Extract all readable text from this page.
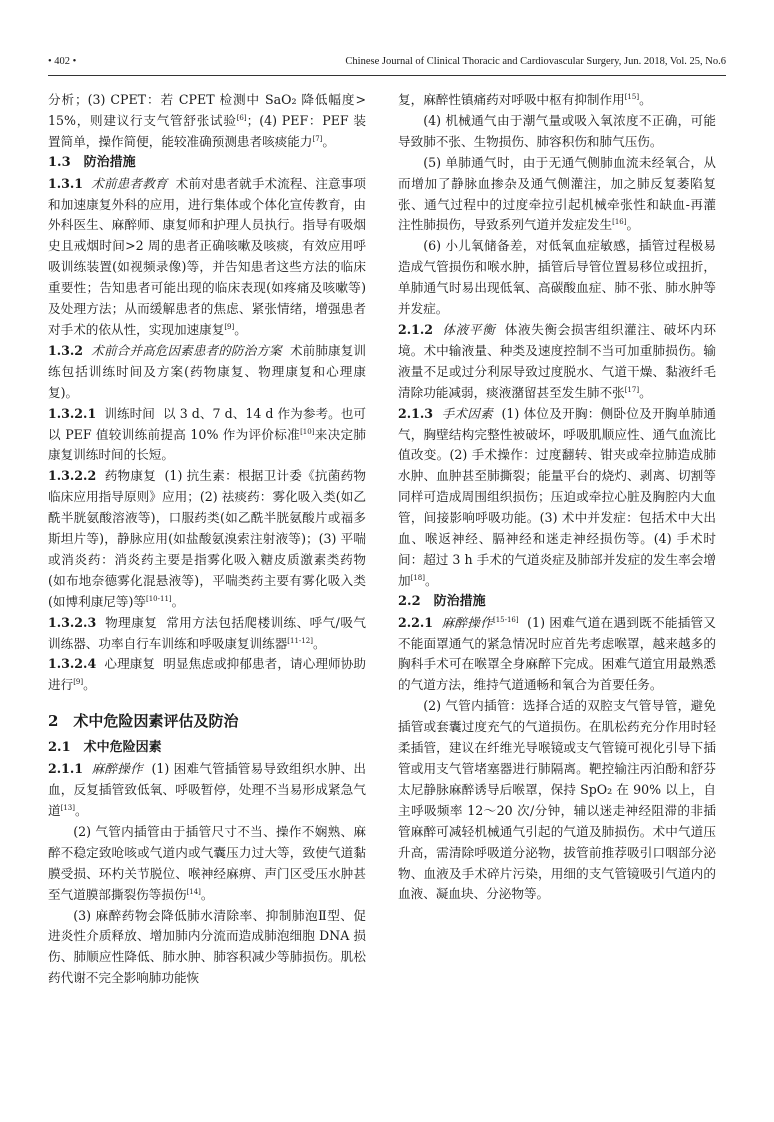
• 402 •	Chinese Journal of Clinical Thoracic and Cardiovascular Surgery, Jun. 2018, Vol. 25, No.6

分析；(3) CPET：若 CPET 检测中 SaO₂ 降低幅度> 15%，则建议行支气管舒张试验[6]；(4) PEF：PEF 装置简单，操作简便，能较准确预测患者咳痰能力[7]。

1.3　防治措施

1.3.1 术前患者教育 术前对患者就手术流程、注意事项和加速康复外科的应用，进行集体或个体化宣传教育，由外科医生、麻醉师、康复师和护理人员执行。指导有吸烟史且戒烟时间>2 周的患者正确咳嗽及咳痰，有效应用呼吸训练装置(如视频录像)等，并告知患者这些方法的临床重要性；告知患者可能出现的临床表现(如疼痛及咳嗽等)及处理方法；从而缓解患者的焦虑、紧张情绪，增强患者对手术的依从性，实现加速康复[9]。

1.3.2 术前合并高危因素患者的防治方案 术前肺康复训练包括训练时间及方案(药物康复、物理康复和心理康复)。

1.3.2.1 训练时间 以 3 d、7 d、14 d 作为参考。也可以 PEF 值较训练前提高 10% 作为评价标准[10]来决定肺康复训练时间的长短。

1.3.2.2 药物康复 (1) 抗生素：根据卫计委《抗菌药物临床应用指导原则》应用；(2) 祛痰药：雾化吸入类(如乙酰半胱氨酸溶液等)，口服药类(如乙酰半胱氨酸片或福多斯坦片等)，静脉应用(如盐酸氨溴索注射液等)；(3) 平喘或消炎药：消炎药主要是指雾化吸入糖皮质激素类药物(如布地奈德雾化混悬液等)，平喘类药主要有雾化吸入类(如博利康尼等)等[10-11]。

1.3.2.3 物理康复 常用方法包括爬楼训练、呼气/吸气训练器、功率自行车训练和呼吸康复训练器[11-12]。

1.3.2.4 心理康复 明显焦虑或抑郁患者，请心理师协助进行[9]。

2　术中危险因素评估及防治

2.1　术中危险因素

2.1.1 麻醉操作 (1) 困难气管插管易导致组织水肿、出血，反复插管致低氧、呼吸暂停，处理不当易形成紧急气道[13]。

(2) 气管内插管由于插管尺寸不当、操作不娴熟、麻醉不稳定致呛咳或气道内或气囊压力过大等，致使气道黏膜受损、环杓关节脱位、喉神经麻痹、声门区受压水肿甚至气道膜部撕裂伤等损伤[14]。

(3) 麻醉药物会降低肺水清除率、抑制肺泡Ⅱ型、促进炎性介质释放、增加肺内分流而造成肺泡细胞 DNA 损伤、肺顺应性降低、肺水肿、肺容积减少等肺损伤。肌松药代谢不完全影响肺功能恢

复，麻醉性镇痛药对呼吸中枢有抑制作用[15]。

(4) 机械通气由于潮气量或吸入氧浓度不正确，可能导致肺不张、生物损伤、肺容积伤和肺气压伤。

(5) 单肺通气时，由于无通气侧肺血流未经氧合，从而增加了静脉血掺杂及通气侧灌注，加之肺反复萎陷复张、通气过程中的过度牵拉引起机械牵张性和缺血-再灌注性肺损伤，导致系列气道并发症发生[16]。

(6) 小儿氧储备差，对低氧血症敏感，插管过程极易造成气管损伤和喉水肿，插管后导管位置易移位或扭折，单肺通气时易出现低氧、高碳酸血症、肺不张、肺水肿等并发症。

2.1.2 体液平衡 体液失衡会损害组织灌注、破坏内环境。术中输液量、种类及速度控制不当可加重肺损伤。输液量不足或过分利尿导致过度脱水、气道干燥、黏液纤毛清除功能减弱，痰液潴留甚至发生肺不张[17]。

2.1.3 手术因素 (1) 体位及开胸：侧卧位及开胸单肺通气，胸壁结构完整性被破坏，呼吸肌顺应性、通气血流比值改变。(2) 手术操作：过度翻转、钳夹或牵拉肺造成肺水肿、血肿甚至肺撕裂；能量平台的烧灼、剥离、切割等同样可造成周围组织损伤；压迫或牵拉心脏及胸腔内大血管，间接影响呼吸功能。(3) 术中并发症：包括术中大出血、喉返神经、膈神经和迷走神经损伤等。(4) 手术时间：超过 3 h 手术的气道炎症及肺部并发症的发生率会增加[18]。

2.2　防治措施

2.2.1 麻醉操作[15-16] (1) 困难气道在遇到既不能插管又不能面罩通气的紧急情况时应首先考虑喉罩，越来越多的胸科手术可在喉罩全身麻醉下完成。困难气道宜用最熟悉的气道方法，维持气道通畅和氧合为首要任务。

(2) 气管内插管：选择合适的双腔支气管导管，避免插管或套囊过度充气的气道损伤。在肌松药充分作用时轻柔插管，建议在纤维光导喉镜或支气管镜可视化引导下插管或用支气管堵塞器进行肺隔离。靶控输注丙泊酚和舒芬太尼静脉麻醉诱导后喉罩，保持 SpO₂ 在 90% 以上，自主呼吸频率 12～20 次/分钟，辅以迷走神经阻滞的非插管麻醉可减轻机械通气引起的气道及肺损伤。术中气道压升高，需清除呼吸道分泌物，拔管前推荐吸引口咽部分泌物、血液及手术碎片污染，用细的支气管镜吸引气道内的血液、凝血块、分泌物等。
